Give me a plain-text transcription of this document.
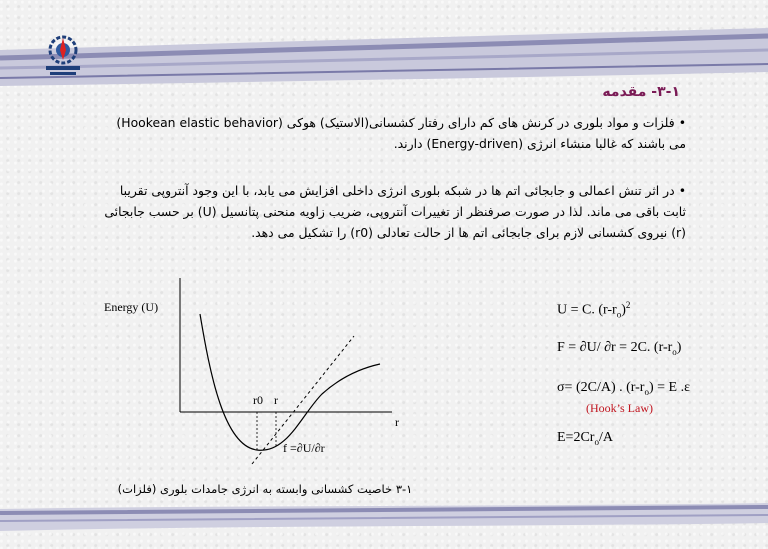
۳-۱- مقدمه
•فلزات و مواد بلوری در کرنش های کم دارای رفتار کشسانی(الاستیک) هوکی (Hookean elastic behavior)
می باشند که غالبا منشاء انرژی (Energy-driven) دارند.
•در اثر تنش اعمالی و جابجائی اتم ها در شبکه بلوری انرژی داخلی افزایش می یابد، با این وجود آنتروپی تقریبا
ثابت باقی می ماند. لذا در صورت صرفنظر از تغییرات آنتروپی، ضریب زاویه منحنی پتانسیل (U) بر حسب جابجائی
(r) نیروی کشسانی لازم برای جابجائی اتم ها از حالت تعادلی (r0) را تشکیل می دهد.
Energy (U)
r
r0 r
f =∂U/∂r
۳-۱ خاصیت کشسانی وابسته به انرژی جامدات بلوری (فلزات)
U = C. $(r-r_o)^2$
F = ∂U/ ∂r = 2C. $(r-r_o)$
σ= (2C/A) . $(r-r_o) = E$ .ε
(Hook’s Law)
$E=2Cr_o/A$
